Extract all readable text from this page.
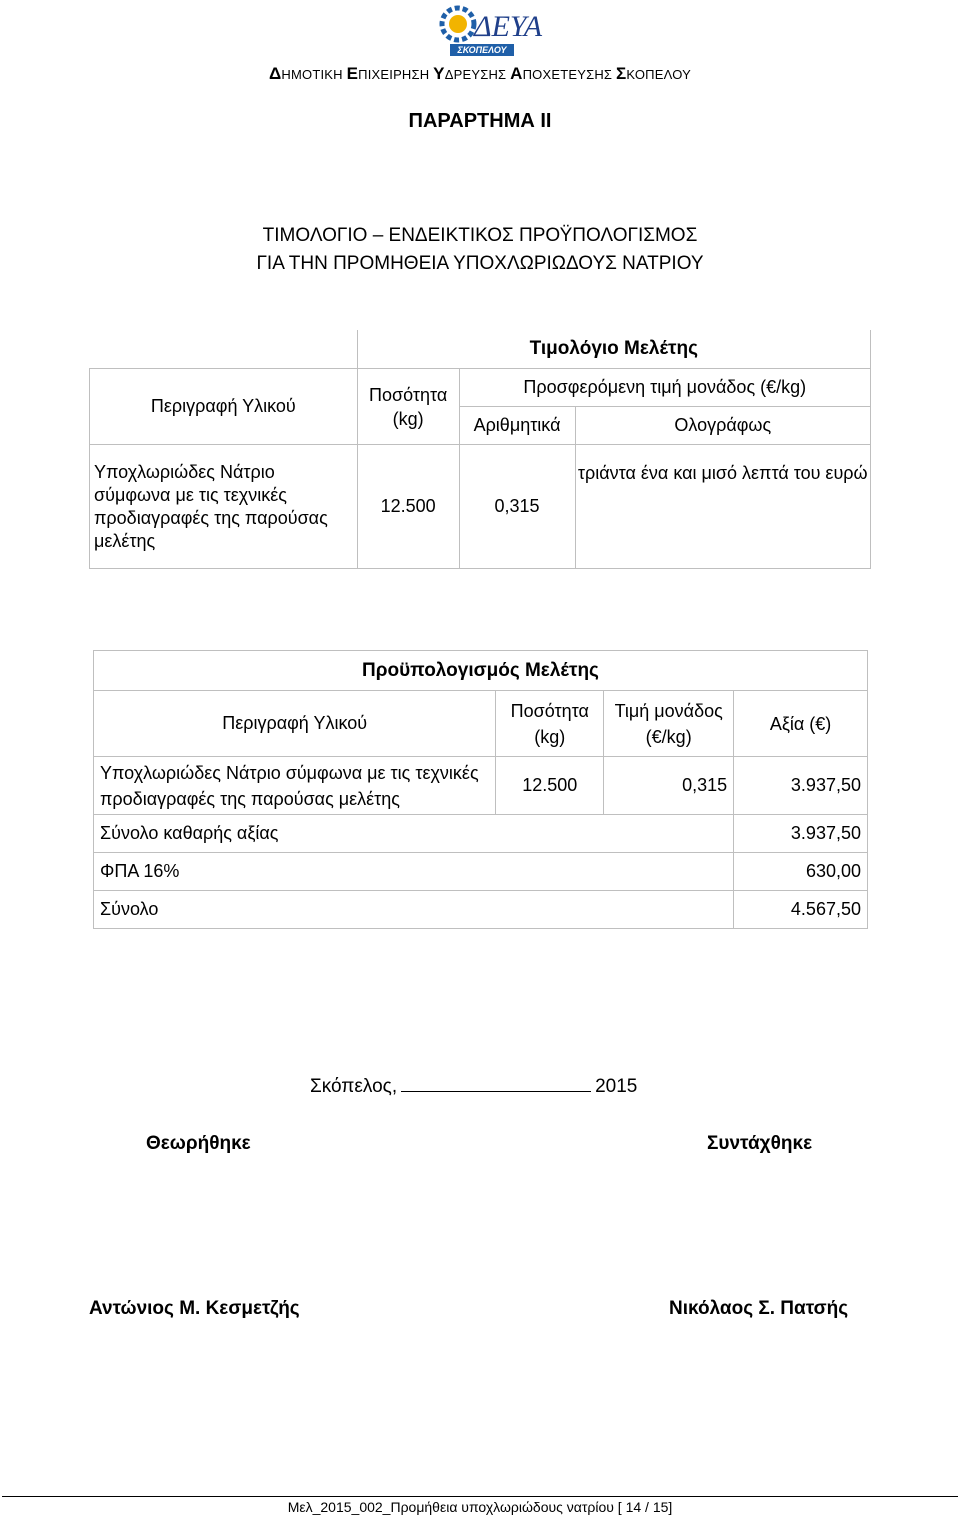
ΔΕΥΑ
ΣΚΟΠΕΛΟΥ
ΔΗΜΟΤΙΚΗ ΕΠΙΧΕΙΡΗΣΗ ΥΔΡΕΥΣΗΣ ΑΠΟΧΕΤΕΥΣΗΣ ΣΚΟΠΕΛΟΥ
ΠΑΡΑΡΤΗΜΑ ΙΙ
ΤΙΜΟΛΟΓΙΟ – ΕΝΔΕΙΚΤΙΚΟΣ ΠΡΟΫΠΟΛΟΓΙΣΜΟΣ
ΓΙΑ ΤΗΝ ΠΡΟΜΗΘΕΙΑ ΥΠΟΧΛΩΡΙΩΔΟΥΣ ΝΑΤΡΙΟΥ
	Τιμολόγιο Μελέτης		
Περιγραφή Υλικού	Ποσότητα (kg)	Προσφερόμενη τιμή μονάδος (€/kg)	
		Αριθμητικά	Ολογράφως
Υποχλωριώδες Νάτριο σύμφωνα με τις τεχνικές προδιαγραφές της παρούσας μελέτης	12.500	0,315	τριάντα ένα και μισό λεπτά του ευρώ
Προϋπολογισμός Μελέτης			
Περιγραφή Υλικού	Ποσότητα (kg)	Τιμή μονάδος (€/kg)	Αξία (€)
Υποχλωριώδες Νάτριο σύμφωνα με τις τεχνικές προδιαγραφές της παρούσας μελέτης	12.500	0,315	3.937,50
Σύνολο καθαρής αξίας			3.937,50
ΦΠΑ 16%			630,00
Σύνολο			4.567,50
Σκόπελος,	2015
Θεωρήθηκε	Συντάχθηκε
Αντώνιος Μ. Κεσμετζής	Νικόλαος Σ. Πατσής
Μελ_2015_002_Προμήθεια υποχλωριώδους νατρίου [ 14 / 15]
